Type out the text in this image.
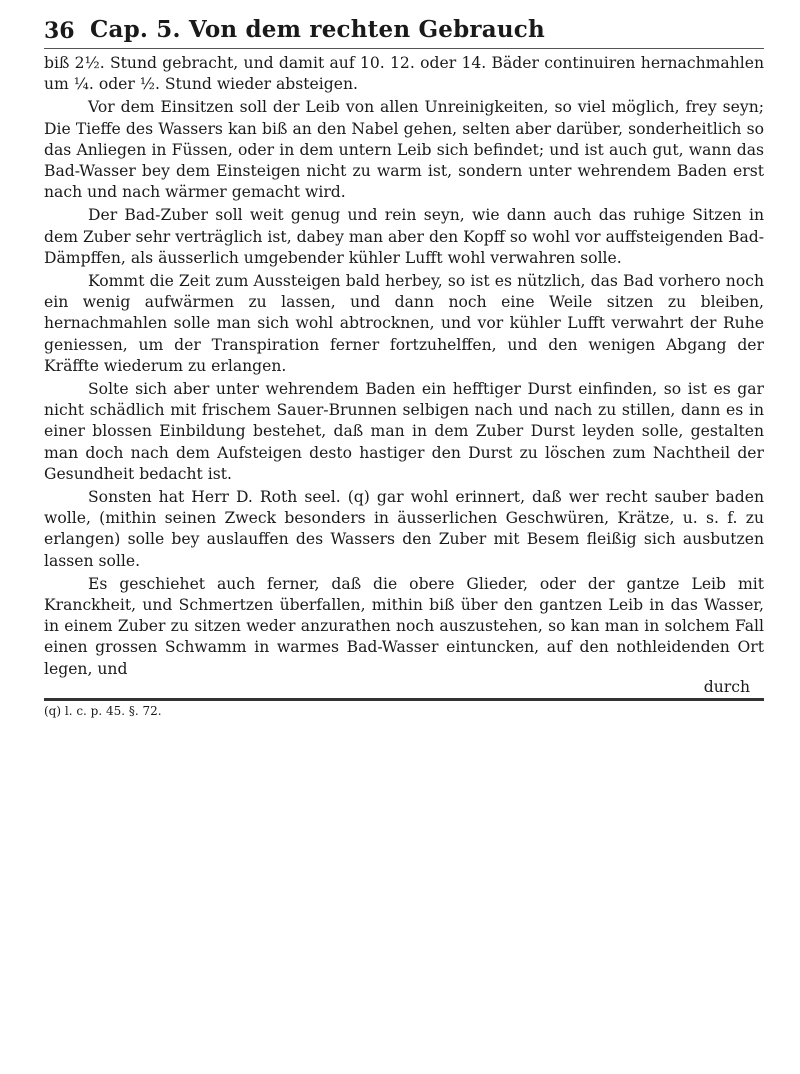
36 Cap. 5. Von dem rechten Gebrauch

biß 2½. Stund gebracht, und damit auf 10. 12. oder 14. Bäder continuiren hernachmahlen um ¼. oder ½. Stund wieder absteigen.

Vor dem Einsitzen soll der Leib von allen Unreinigkeiten, so viel möglich, frey seyn; Die Tieffe des Wassers kan biß an den Nabel gehen, selten aber darüber, sonderheitlich so das Anliegen in Füssen, oder in dem untern Leib sich befindet; und ist auch gut, wann das Bad-Wasser bey dem Einsteigen nicht zu warm ist, sondern unter wehrendem Baden erst nach und nach wärmer gemacht wird.

Der Bad-Zuber soll weit genug und rein seyn, wie dann auch das ruhige Sitzen in dem Zuber sehr verträglich ist, dabey man aber den Kopff so wohl vor auffsteigenden Bad-Dämpffen, als äusserlich umgebender kühler Lufft wohl verwahren solle.

Kommt die Zeit zum Aussteigen bald herbey, so ist es nützlich, das Bad vorhero noch ein wenig aufwärmen zu lassen, und dann noch eine Weile sitzen zu bleiben, hernachmahlen solle man sich wohl abtrocknen, und vor kühler Lufft verwahrt der Ruhe geniessen, um der Transpiration ferner fortzuhelffen, und den wenigen Abgang der Kräffte wiederum zu erlangen.

Solte sich aber unter wehrendem Baden ein hefftiger Durst einfinden, so ist es gar nicht schädlich mit frischem Sauer-Brunnen selbigen nach und nach zu stillen, dann es in einer blossen Einbildung bestehet, daß man in dem Zuber Durst leyden solle, gestalten man doch nach dem Aufsteigen desto hastiger den Durst zu löschen zum Nachtheil der Gesundheit bedacht ist.

Sonsten hat Herr D. Roth seel. (q) gar wohl erinnert, daß wer recht sauber baden wolle, (mithin seinen Zweck besonders in äusserlichen Geschwüren, Krätze, u. s. f. zu erlangen) solle bey auslauffen des Wassers den Zuber mit Besem fleißig sich ausbutzen lassen solle.

Es geschiehet auch ferner, daß die obere Glieder, oder der gantze Leib mit Kranckheit, und Schmertzen überfallen, mithin biß über den gantzen Leib in das Wasser, in einem Zuber zu sitzen weder anzurathen noch auszustehen, so kan man in solchem Fall einen grossen Schwamm in warmes Bad-Wasser eintuncken, auf den nothleidenden Ort legen, und

durch
(q) l. c. p. 45. §. 72.
